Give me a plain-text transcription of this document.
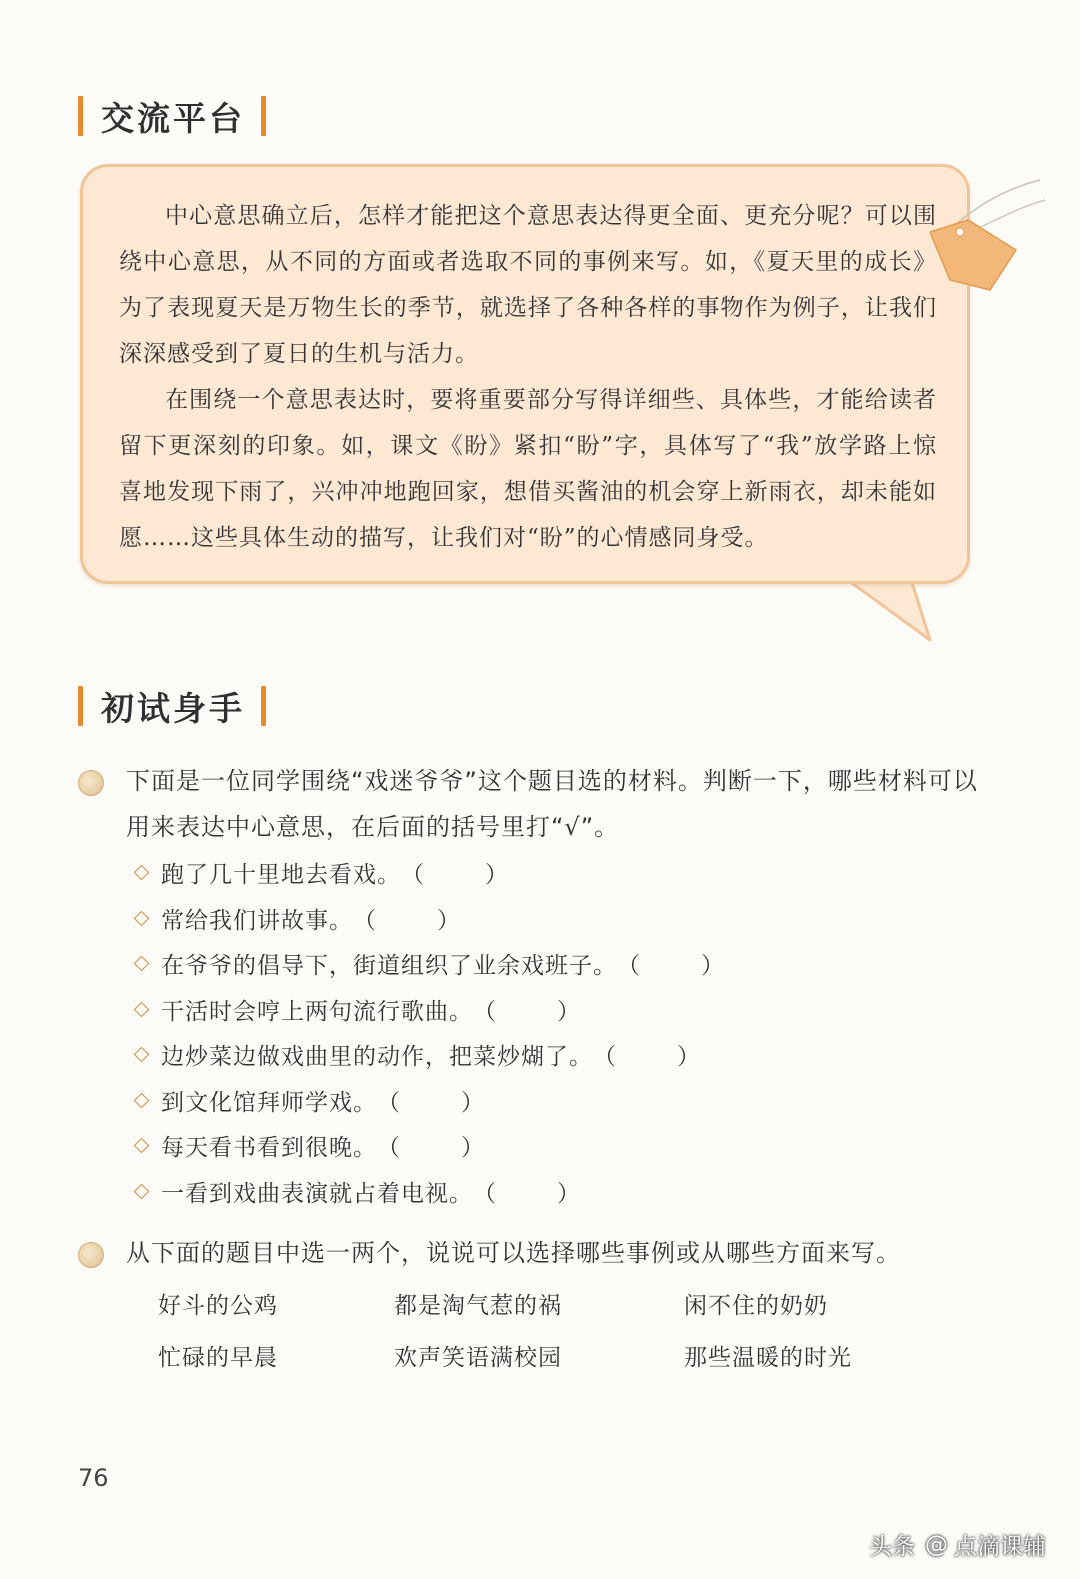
交流平台

中心意思确立后，怎样才能把这个意思表达得更全面、更充分呢？可以围绕中心意思，从不同的方面或者选取不同的事例来写。如，《夏天里的成长》为了表现夏天是万物生长的季节，就选择了各种各样的事物作为例子，让我们深深感受到了夏日的生机与活力。

在围绕一个意思表达时，要将重要部分写得详细些、具体些，才能给读者留下更深刻的印象。如，课文《盼》紧扣“盼”字，具体写了“我”放学路上惊喜地发现下雨了，兴冲冲地跑回家，想借买酱油的机会穿上新雨衣，却未能如愿……这些具体生动的描写，让我们对“盼”的心情感同身受。

初试身手
下面是一位同学围绕“戏迷爷爷”这个题目选的材料。判断一下，哪些材料可以用来表达中心意思，在后面的括号里打“√”。
跑了几十里地去看戏。 （	）
常给我们讲故事。 （	）
在爷爷的倡导下，街道组织了业余戏班子。 （	）
干活时会哼上两句流行歌曲。 （	）
边炒菜边做戏曲里的动作，把菜炒煳了。 （	）
到文化馆拜师学戏。 （	）
每天看书看到很晚。 （	）
一看到戏曲表演就占着电视。 （	）
从下面的题目中选一两个，说说可以选择哪些事例或从哪些方面来写。
好斗的公鸡	都是淘气惹的祸	闲不住的奶奶
忙碌的早晨	欢声笑语满校园	那些温暖的时光
76
头条 @ 点滴课辅
